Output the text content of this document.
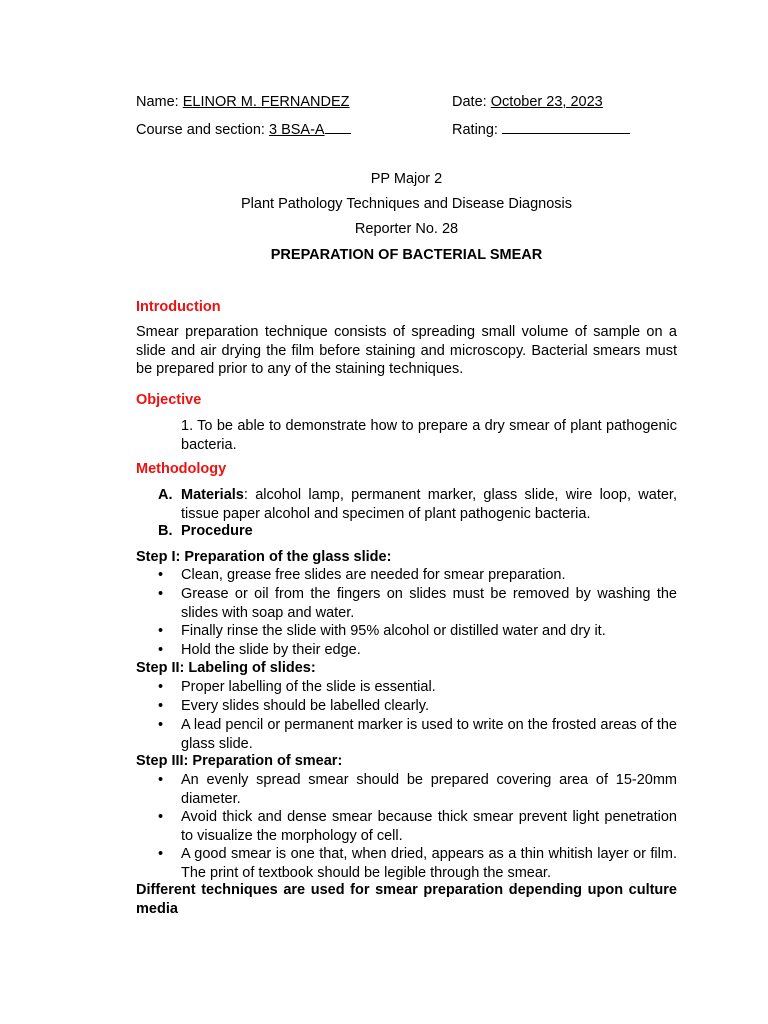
Name: ELINOR M. FERNANDEZ	Date: October 23, 2023
Course and section: 3 BSA-A	Rating:
PP Major 2
Plant Pathology Techniques and Disease Diagnosis
Reporter No. 28
PREPARATION OF BACTERIAL SMEAR
Introduction
Smear preparation technique consists of spreading small volume of sample on a slide and air drying the film before staining and microscopy. Bacterial smears must be prepared prior to any of the staining techniques.
Objective
1. To be able to demonstrate how to prepare a dry smear of plant pathogenic bacteria.
Methodology
A. Materials: alcohol lamp, permanent marker, glass slide, wire loop, water, tissue paper alcohol and specimen of plant pathogenic bacteria.
B. Procedure
Step I: Preparation of the glass slide:
• Clean, grease free slides are needed for smear preparation.
• Grease or oil from the fingers on slides must be removed by washing the slides with soap and water.
• Finally rinse the slide with 95% alcohol or distilled water and dry it.
• Hold the slide by their edge.
Step II: Labeling of slides:
• Proper labelling of the slide is essential.
• Every slides should be labelled clearly.
• A lead pencil or permanent marker is used to write on the frosted areas of the glass slide.
Step III: Preparation of smear:
• An evenly spread smear should be prepared covering area of 15-20mm diameter.
• Avoid thick and dense smear because thick smear prevent light penetration to visualize the morphology of cell.
• A good smear is one that, when dried, appears as a thin whitish layer or film. The print of textbook should be legible through the smear.
Different techniques are used for smear preparation depending upon culture media
